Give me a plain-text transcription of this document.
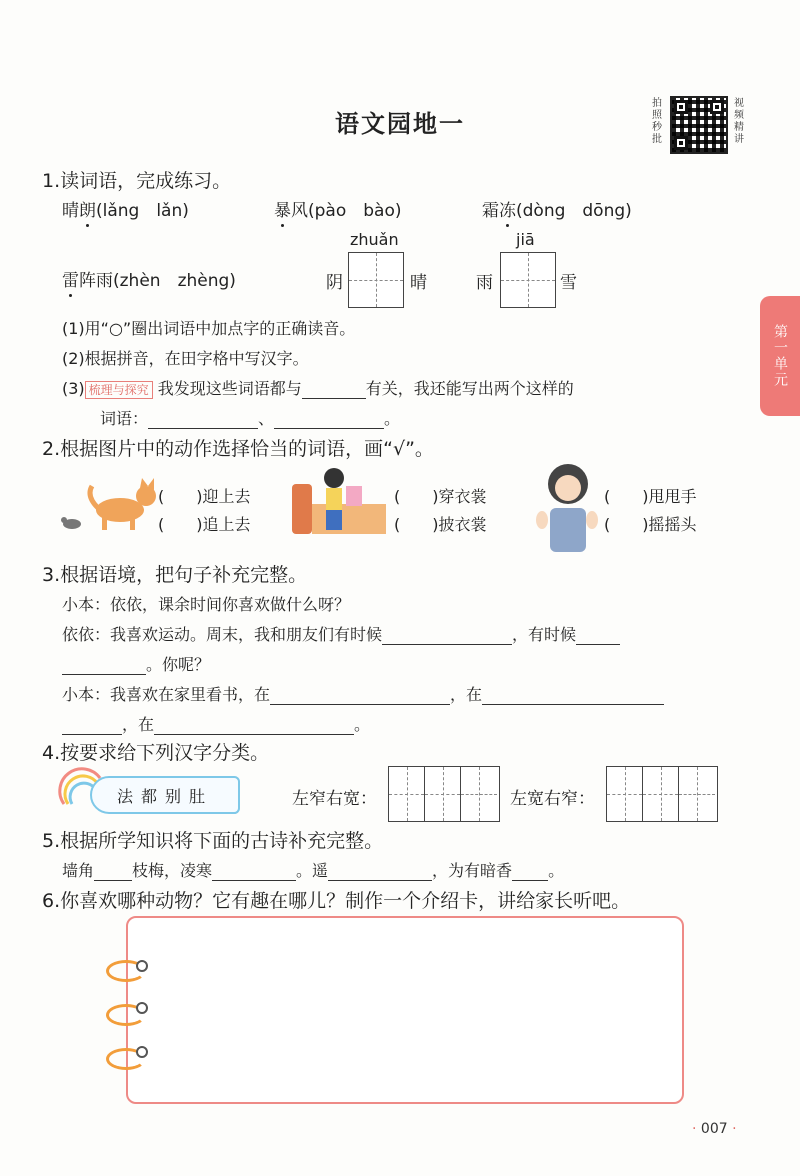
语文园地一
拍照秒批
视频精讲
第一单元
1.读词语，完成练习。
晴朗(lǎng　lǎn)	暴风(pào　bào)	霜冻(dòng　dōng)
zhuǎn	jiā
雷阵雨(zhèn　zhèng)	阴	晴	雨	雪
(1)用“○”圈出词语中加点字的正确读音。
(2)根据拼音，在田字格中写汉字。
(3) 梳理与探究 我发现这些词语都与	有关，我还能写出两个这样的
词语：	、	。
2.根据图片中的动作选择恰当的词语，画“√”。
(　　)迎上去
(　　)追上去
(　　)穿衣裳
(　　)披衣裳
(　　)甩甩手
(　　)摇摇头
3.根据语境，把句子补充完整。
小本：依依，课余时间你喜欢做什么呀？
依依：我喜欢运动。周末，我和朋友们有时候	，有时候
。你呢？
小本：我喜欢在家里看书，在	，在
，在	。
4.按要求给下列汉字分类。
法都别肚	左窄右宽：	左宽右窄：
5.根据所学知识将下面的古诗补充完整。
墙角 枝梅，凌寒	。遥	，为有暗香 。
6.你喜欢哪种动物？它有趣在哪儿？制作一个介绍卡，讲给家长听吧。
· 007 ·
